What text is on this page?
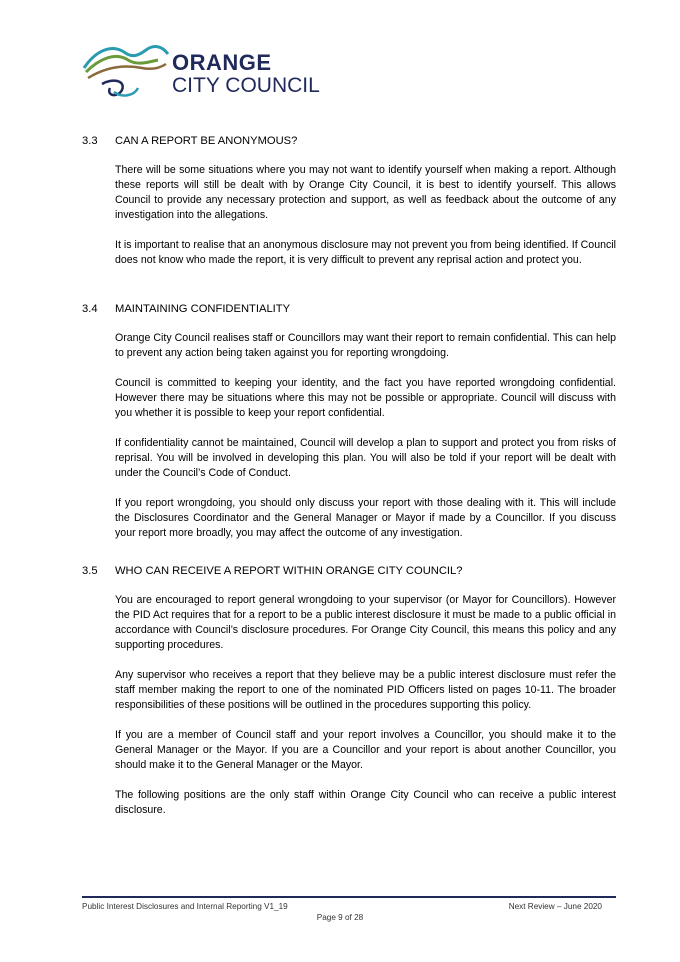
ORANGE
CITY COUNCIL
3.3	CAN A REPORT BE ANONYMOUS?

There will be some situations where you may not want to identify yourself when making a report. Although these reports will still be dealt with by Orange City Council, it is best to identify yourself. This allows Council to provide any necessary protection and support, as well as feedback about the outcome of any investigation into the allegations.

It is important to realise that an anonymous disclosure may not prevent you from being identified. If Council does not know who made the report, it is very difficult to prevent any reprisal action and protect you.

3.4	MAINTAINING CONFIDENTIALITY

Orange City Council realises staff or Councillors may want their report to remain confidential. This can help to prevent any action being taken against you for reporting wrongdoing.

Council is committed to keeping your identity, and the fact you have reported wrongdoing confidential. However there may be situations where this may not be possible or appropriate. Council will discuss with you whether it is possible to keep your report confidential.

If confidentiality cannot be maintained, Council will develop a plan to support and protect you from risks of reprisal. You will be involved in developing this plan. You will also be told if your report will be dealt with under the Council’s Code of Conduct.

If you report wrongdoing, you should only discuss your report with those dealing with it. This will include the Disclosures Coordinator and the General Manager or Mayor if made by a Councillor. If you discuss your report more broadly, you may affect the outcome of any investigation.

3.5	WHO CAN RECEIVE A REPORT WITHIN ORANGE CITY COUNCIL?

You are encouraged to report general wrongdoing to your supervisor (or Mayor for Councillors). However the PID Act requires that for a report to be a public interest disclosure it must be made to a public official in accordance with Council’s disclosure procedures. For Orange City Council, this means this policy and any supporting procedures.

Any supervisor who receives a report that they believe may be a public interest disclosure must refer the staff member making the report to one of the nominated PID Officers listed on pages 10-11. The broader responsibilities of these positions will be outlined in the procedures supporting this policy.

If you are a member of Council staff and your report involves a Councillor, you should make it to the General Manager or the Mayor. If you are a Councillor and your report is about another Councillor, you should make it to the General Manager or the Mayor.

The following positions are the only staff within Orange City Council who can receive a public interest disclosure.

Public Interest Disclosures and Internal Reporting V1_19	Next Review – June 2020
Page 9 of 28
